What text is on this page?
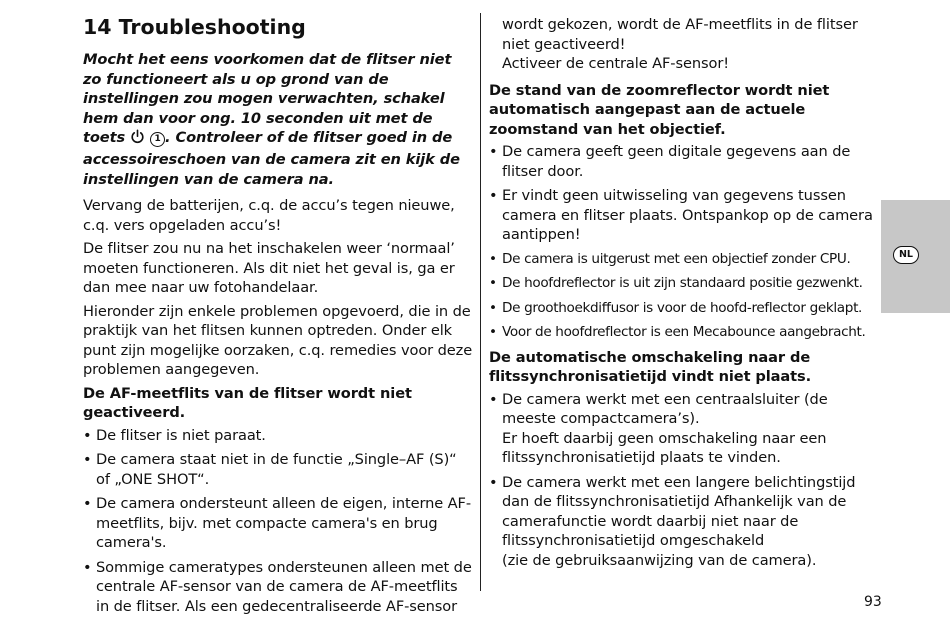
14 Troubleshooting
Mocht het eens voorkomen dat de flitser niet zo functioneert als u op grond van de instellingen zou mogen verwachten, schakel hem dan voor ong. 10 seconden uit met de toets	1 . Controleer of de flitser goed in de accessoireschoen van de camera zit en kijk de instellingen van de camera na.

Vervang de batterijen, c.q. de accu’s tegen nieuwe, c.q. vers opgeladen accu’s!

De flitser zou nu na het inschakelen weer ‘normaal’ moeten functioneren. Als dit niet het geval is, ga er dan mee naar uw fotohandelaar.

Hieronder zijn enkele problemen opgevoerd, die in de praktijk van het flitsen kunnen optreden. Onder elk punt zijn mogelijke oorzaken, c.q. remedies voor deze problemen aangegeven.

De AF-meetflits van de flitser wordt niet geactiveerd.
• De flitser is niet paraat.
• De camera staat niet in de functie „Single–AF (S)“ of „ONE SHOT“.
• De camera ondersteunt alleen de eigen, interne AF-meetflits, bijv. met compacte camera's en brug camera's.
• Sommige cameratypes ondersteunen alleen met de centrale AF-sensor van de camera de AF-meetflits in de flitser. Als een gedecentraliseerde AF-sensor
wordt gekozen, wordt de AF-meetflits in de flitser niet geactiveerd!
Activeer de centrale AF-sensor!
De stand van de zoomreflector wordt niet automatisch aangepast aan de actuele zoomstand van het objectief.
• De camera geeft geen digitale gegevens aan de flitser door.
• Er vindt geen uitwisseling van gegevens tussen camera en flitser plaats. Ontspankop op de camera aantippen!
• De camera is uitgerust met een objectief zonder CPU.
• De hoofdreflector is uit zijn standaard positie gezwenkt.
• De groothoekdiffusor is voor de hoofd-reflector geklapt.
• Voor de hoofdreflector is een Mecabounce aangebracht.
De automatische omschakeling naar de flitssynchronisatietijd vindt niet plaats.
• De camera werkt met een centraalsluiter (de meeste compactcamera’s).
Er hoeft daarbij geen omschakeling naar een flitssynchronisatietijd plaats te vinden.
• De camera werkt met een langere belichtingstijd dan de flitssynchronisatietijd Afhankelijk van de camerafunctie wordt daarbij niet naar de flitssynchronisatietijd omgeschakeld
(zie de gebruiksaanwijzing van de camera).
NL
93
